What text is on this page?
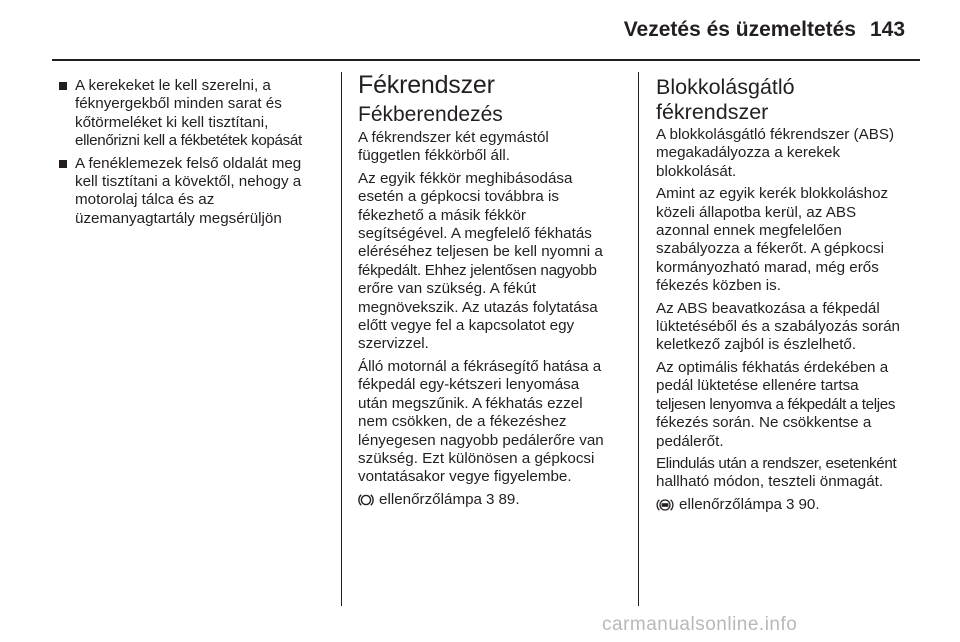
Vezetés és üzemeltetés 143
A kerekeket le kell szerelni, a
féknyergekből minden sarat és
kőtörmeléket ki kell tisztítani,
ellenőrizni kell a fékbetétek kopását
A fenéklemezek felső oldalát meg
kell tisztítani a kövektől, nehogy a
motorolaj tálca és az
üzemanyagtartály megsérüljön
Fékrendszer
Fékberendezés
A fékrendszer két egymástól
független fékkörből áll.
Az egyik fékkör meghibásodása
esetén a gépkocsi továbbra is
fékezhető a másik fékkör
segítségével. A megfelelő fékhatás
eléréséhez teljesen be kell nyomni a
fékpedált. Ehhez jelentősen nagyobb
erőre van szükség. A fékút
megnövekszik. Az utazás folytatása
előtt vegye fel a kapcsolatot egy
szervizzel.
Álló motornál a fékrásegítő hatása a
fékpedál egy-kétszeri lenyomása
után megszűnik. A fékhatás ezzel
nem csökken, de a fékezéshez
lényegesen nagyobb pedálerőre van
szükség. Ezt különösen a gépkocsi
vontatásakor vegye figyelembe.
ellenőrzőlámpa 3 89.
Blokkolásgátló
fékrendszer
A blokkolásgátló fékrendszer (ABS)
megakadályozza a kerekek
blokkolását.
Amint az egyik kerék blokkoláshoz
közeli állapotba kerül, az ABS
azonnal ennek megfelelően
szabályozza a fékerőt. A gépkocsi
kormányozható marad, még erős
fékezés közben is.
Az ABS beavatkozása a fékpedál
lüktetéséből és a szabályozás során
keletkező zajból is észlelhető.
Az optimális fékhatás érdekében a
pedál lüktetése ellenére tartsa
teljesen lenyomva a fékpedált a teljes
fékezés során. Ne csökkentse a
pedálerőt.
Elindulás után a rendszer, esetenként
hallható módon, teszteli önmagát.
ellenőrzőlámpa 3 90.
carmanualsonline.info
